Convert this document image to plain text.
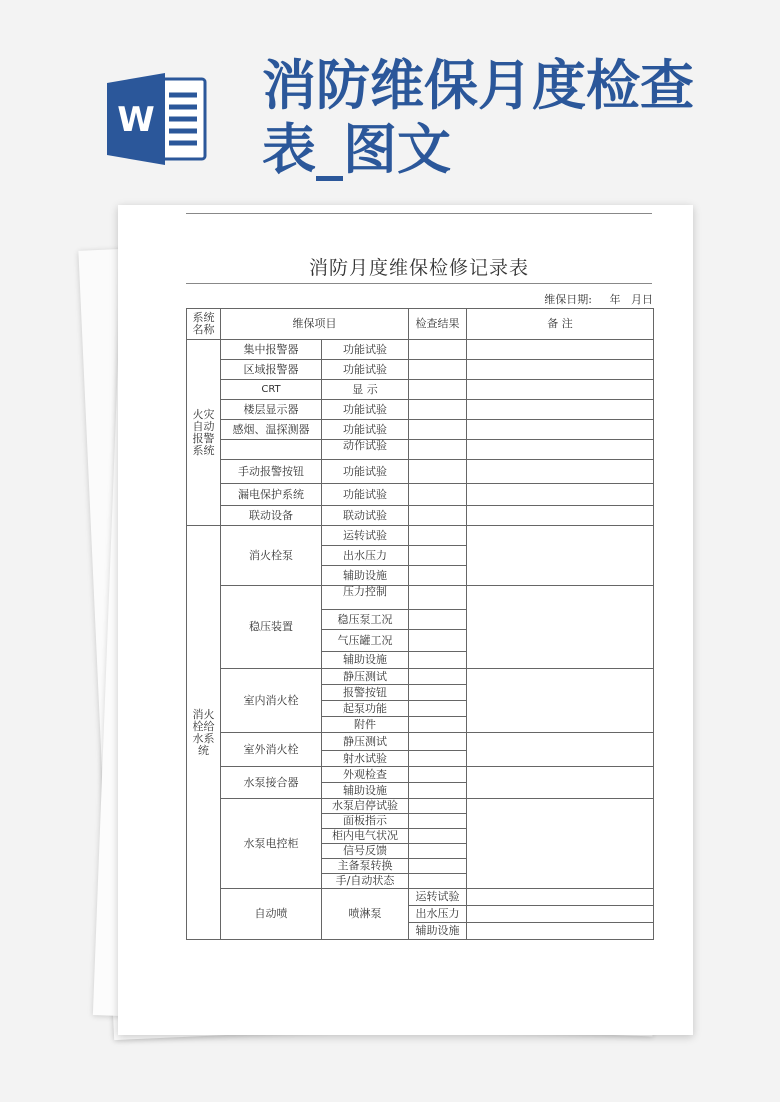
W
消防维保月度检查
表_图文
消防月度维保检修记录表
维保日期: 年 月日
系统名称	维保项目		检查结果	备 注	
火灾自动报警系统	集中报警器	功能试验			
	区域报警器	功能试验			
	CRT	显 示			
	楼层显示器	功能试验			
	感烟、温探测器	功能试验			
		动作试验			
	手动报警按钮	功能试验			
	漏电保护系统	功能试验			
	联动设备	联动试验			
消火栓给水系统	消火栓泵	运转试验			
		出水压力			
		辅助设施			
	稳压装置	压力控制			
		稳压泵工况			
		气压罐工况			
		辅助设施			
	室内消火栓	静压测试			
		报警按钮			
		起泵功能			
		附件			
	室外消火栓	静压测试			
		射水试验			
	水泵接合器	外观检查			
		辅助设施			
	水泵电控柜	水泵启停试验			
		面板指示			
		柜内电气状况			
		信号反馈			
		主备泵转换			
		手/自动状态			
	自动喷	喷淋泵	运转试验		
			出水压力		
			辅助设施		
